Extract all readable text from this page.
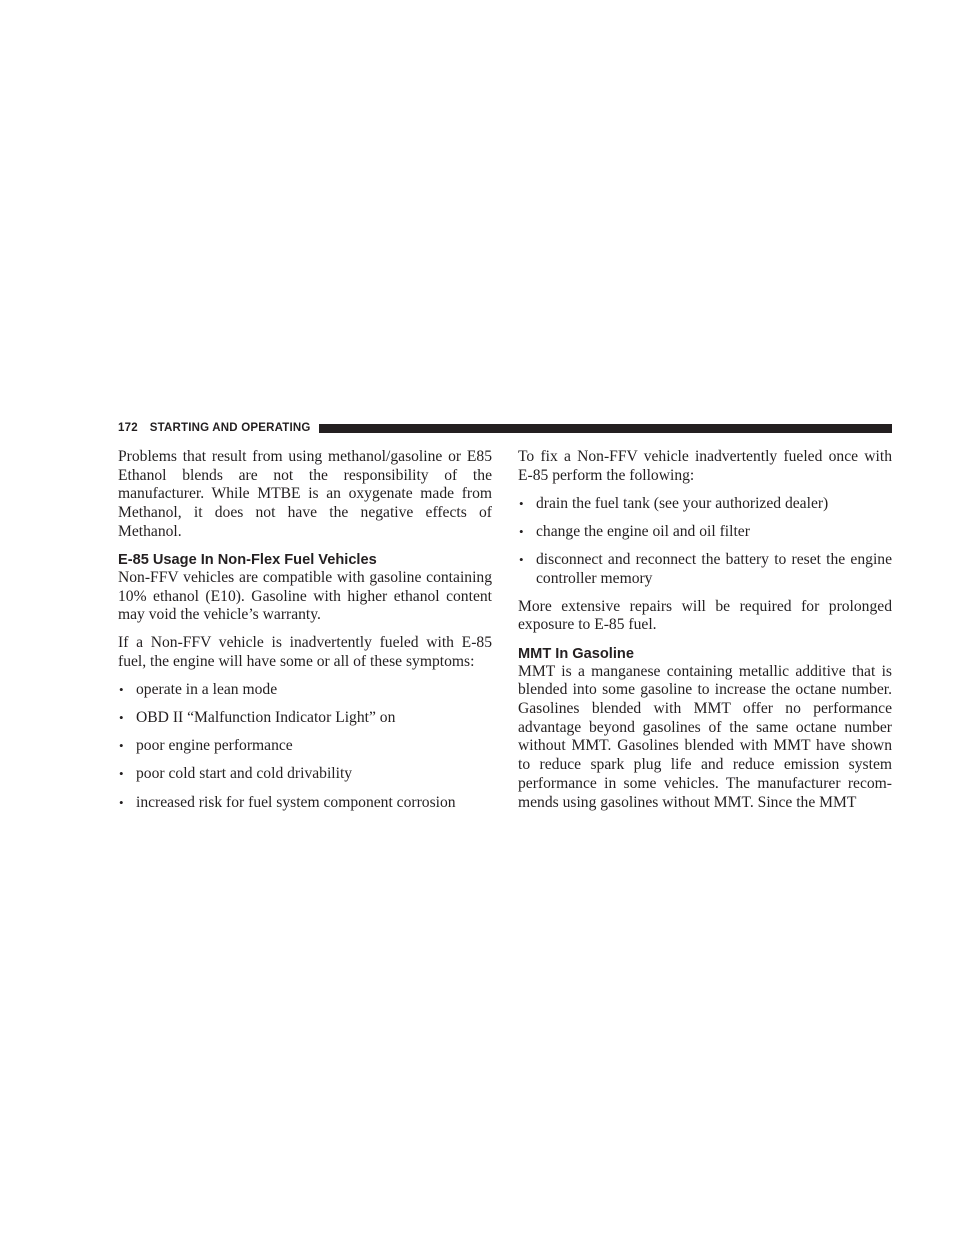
172 STARTING AND OPERATING

Problems that result from using methanol/gasoline or E85 Ethanol blends are not the responsibility of the manufacturer. While MTBE is an oxygenate made from Methanol, it does not have the negative effects of Methanol.

E-85 Usage In Non-Flex Fuel Vehicles

Non-FFV vehicles are compatible with gasoline containing 10% ethanol (E10). Gasoline with higher ethanol content may void the vehicle’s warranty.

If a Non-FFV vehicle is inadvertently fueled with E-85 fuel, the engine will have some or all of these symptoms:

• operate in a lean mode
• OBD II “Malfunction Indicator Light” on
• poor engine performance
• poor cold start and cold drivability
• increased risk for fuel system component corrosion

To fix a Non-FFV vehicle inadvertently fueled once with E-85 perform the following:

• drain the fuel tank (see your authorized dealer)
• change the engine oil and oil filter
• disconnect and reconnect the battery to reset the engine controller memory

More extensive repairs will be required for prolonged exposure to E-85 fuel.

MMT In Gasoline

MMT is a manganese containing metallic additive that is blended into some gasoline to increase the octane number. Gasolines blended with MMT offer no performance advantage beyond gasolines of the same octane number without MMT. Gasolines blended with MMT have shown to reduce spark plug life and reduce emission system performance in some vehicles. The manufacturer recommends using gasolines without MMT. Since the MMT
